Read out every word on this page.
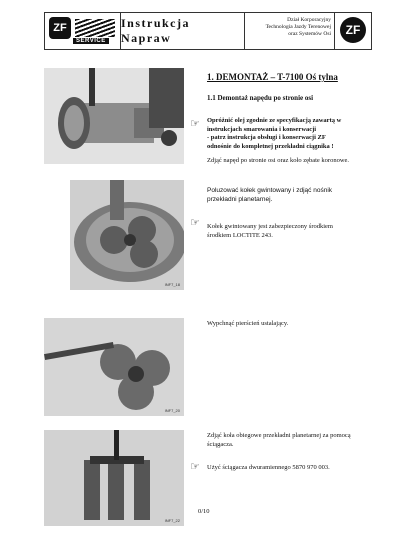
ZF
SERVICE
Instrukcja Napraw
Dział Korporacyjny
Technologia Jazdy Terenowej
oraz Systemów Osi	ZF
INF7_18
INF7_20
INF7_22
1. DEMONTAŻ – T-7100 Oś tylna
1.1 Demontaż napędu po stronie osi
☞ Opróżnić olej zgodnie ze specyfikacją zawartą w
instrukcjach smarowania i konserwacji
- patrz instrukcja obsługi i konserwacji ZF
odnośnie do kompletnej przekładni ciągnika !
Zdjąć napęd po stronie osi oraz koło zębate koronowe.
Poluzować kołek gwintowany i zdjąć nośnik
przekładni planetarnej.
☞ Kołek gwintowany jest zabezpieczony środkiem
środkiem LOCTITE 243.
Wypchnąć pierścień ustalający.
Zdjąć koła obiegowe przekładni planetarnej za pomocą
ściągacza.
☞ Użyć ściągacza dwuramiennego 5870 970 003.
0/10
